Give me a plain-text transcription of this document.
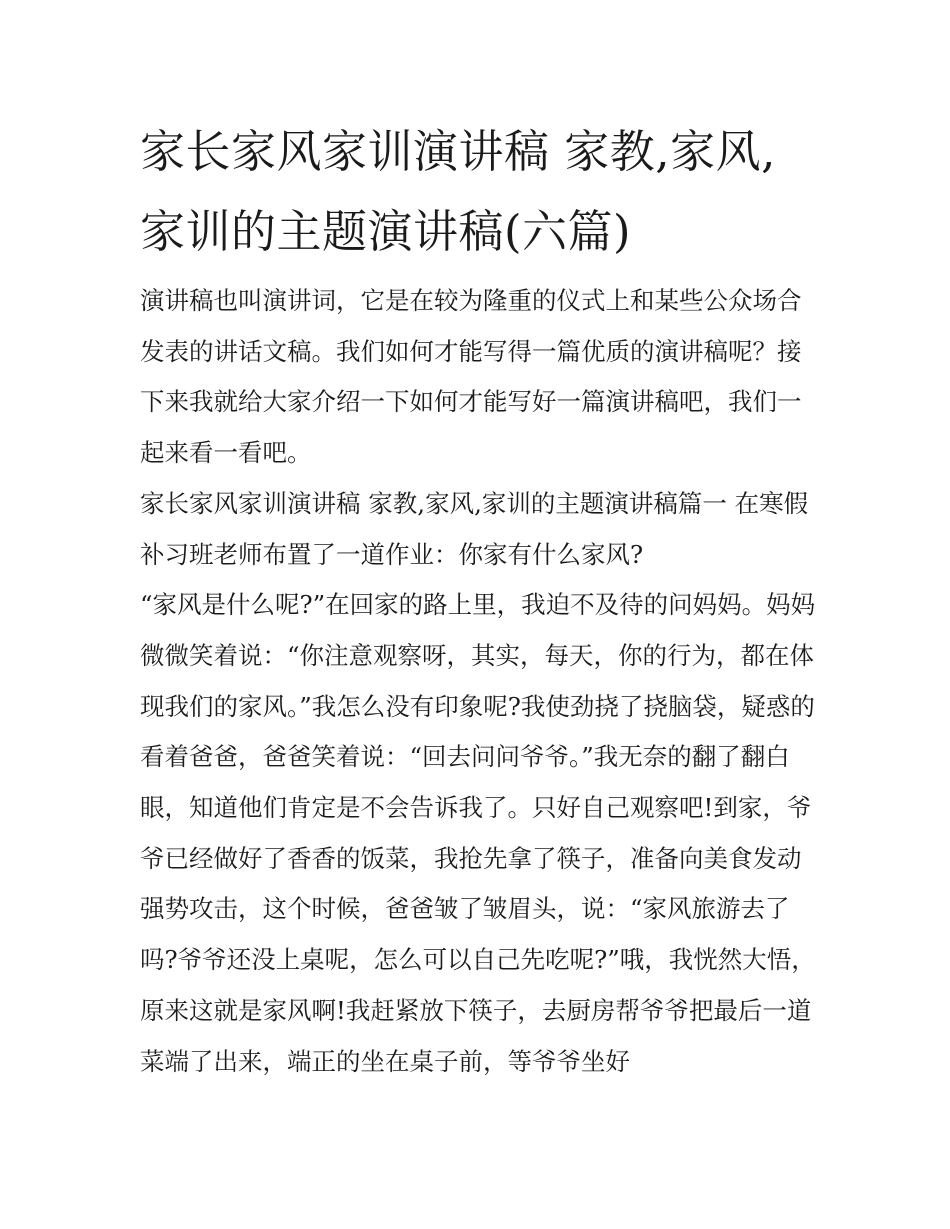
家长家风家训演讲稿 家教,家风,家训的主题演讲稿(六篇)

演讲稿也叫演讲词，它是在较为隆重的仪式上和某些公众场合发表的讲话文稿。我们如何才能写得一篇优质的演讲稿呢？接下来我就给大家介绍一下如何才能写好一篇演讲稿吧，我们一起来看一看吧。

家长家风家训演讲稿 家教,家风,家训的主题演讲稿篇一 在寒假补习班老师布置了一道作业：你家有什么家风?

“家风是什么呢?”在回家的路上里，我迫不及待的问妈妈。妈妈微微笑着说：“你注意观察呀，其实，每天，你的行为，都在体现我们的家风。”我怎么没有印象呢?我使劲挠了挠脑袋，疑惑的看着爸爸，爸爸笑着说：“回去问问爷爷。”我无奈的翻了翻白眼，知道他们肯定是不会告诉我了。只好自己观察吧!到家，爷爷已经做好了香香的饭菜，我抢先拿了筷子，准备向美食发动强势攻击，这个时候，爸爸皱了皱眉头，说：“家风旅游去了吗?爷爷还没上桌呢，怎么可以自己先吃呢?”哦，我恍然大悟，原来这就是家风啊!我赶紧放下筷子，去厨房帮爷爷把最后一道菜端了出来，端正的坐在桌子前，等爷爷坐好
